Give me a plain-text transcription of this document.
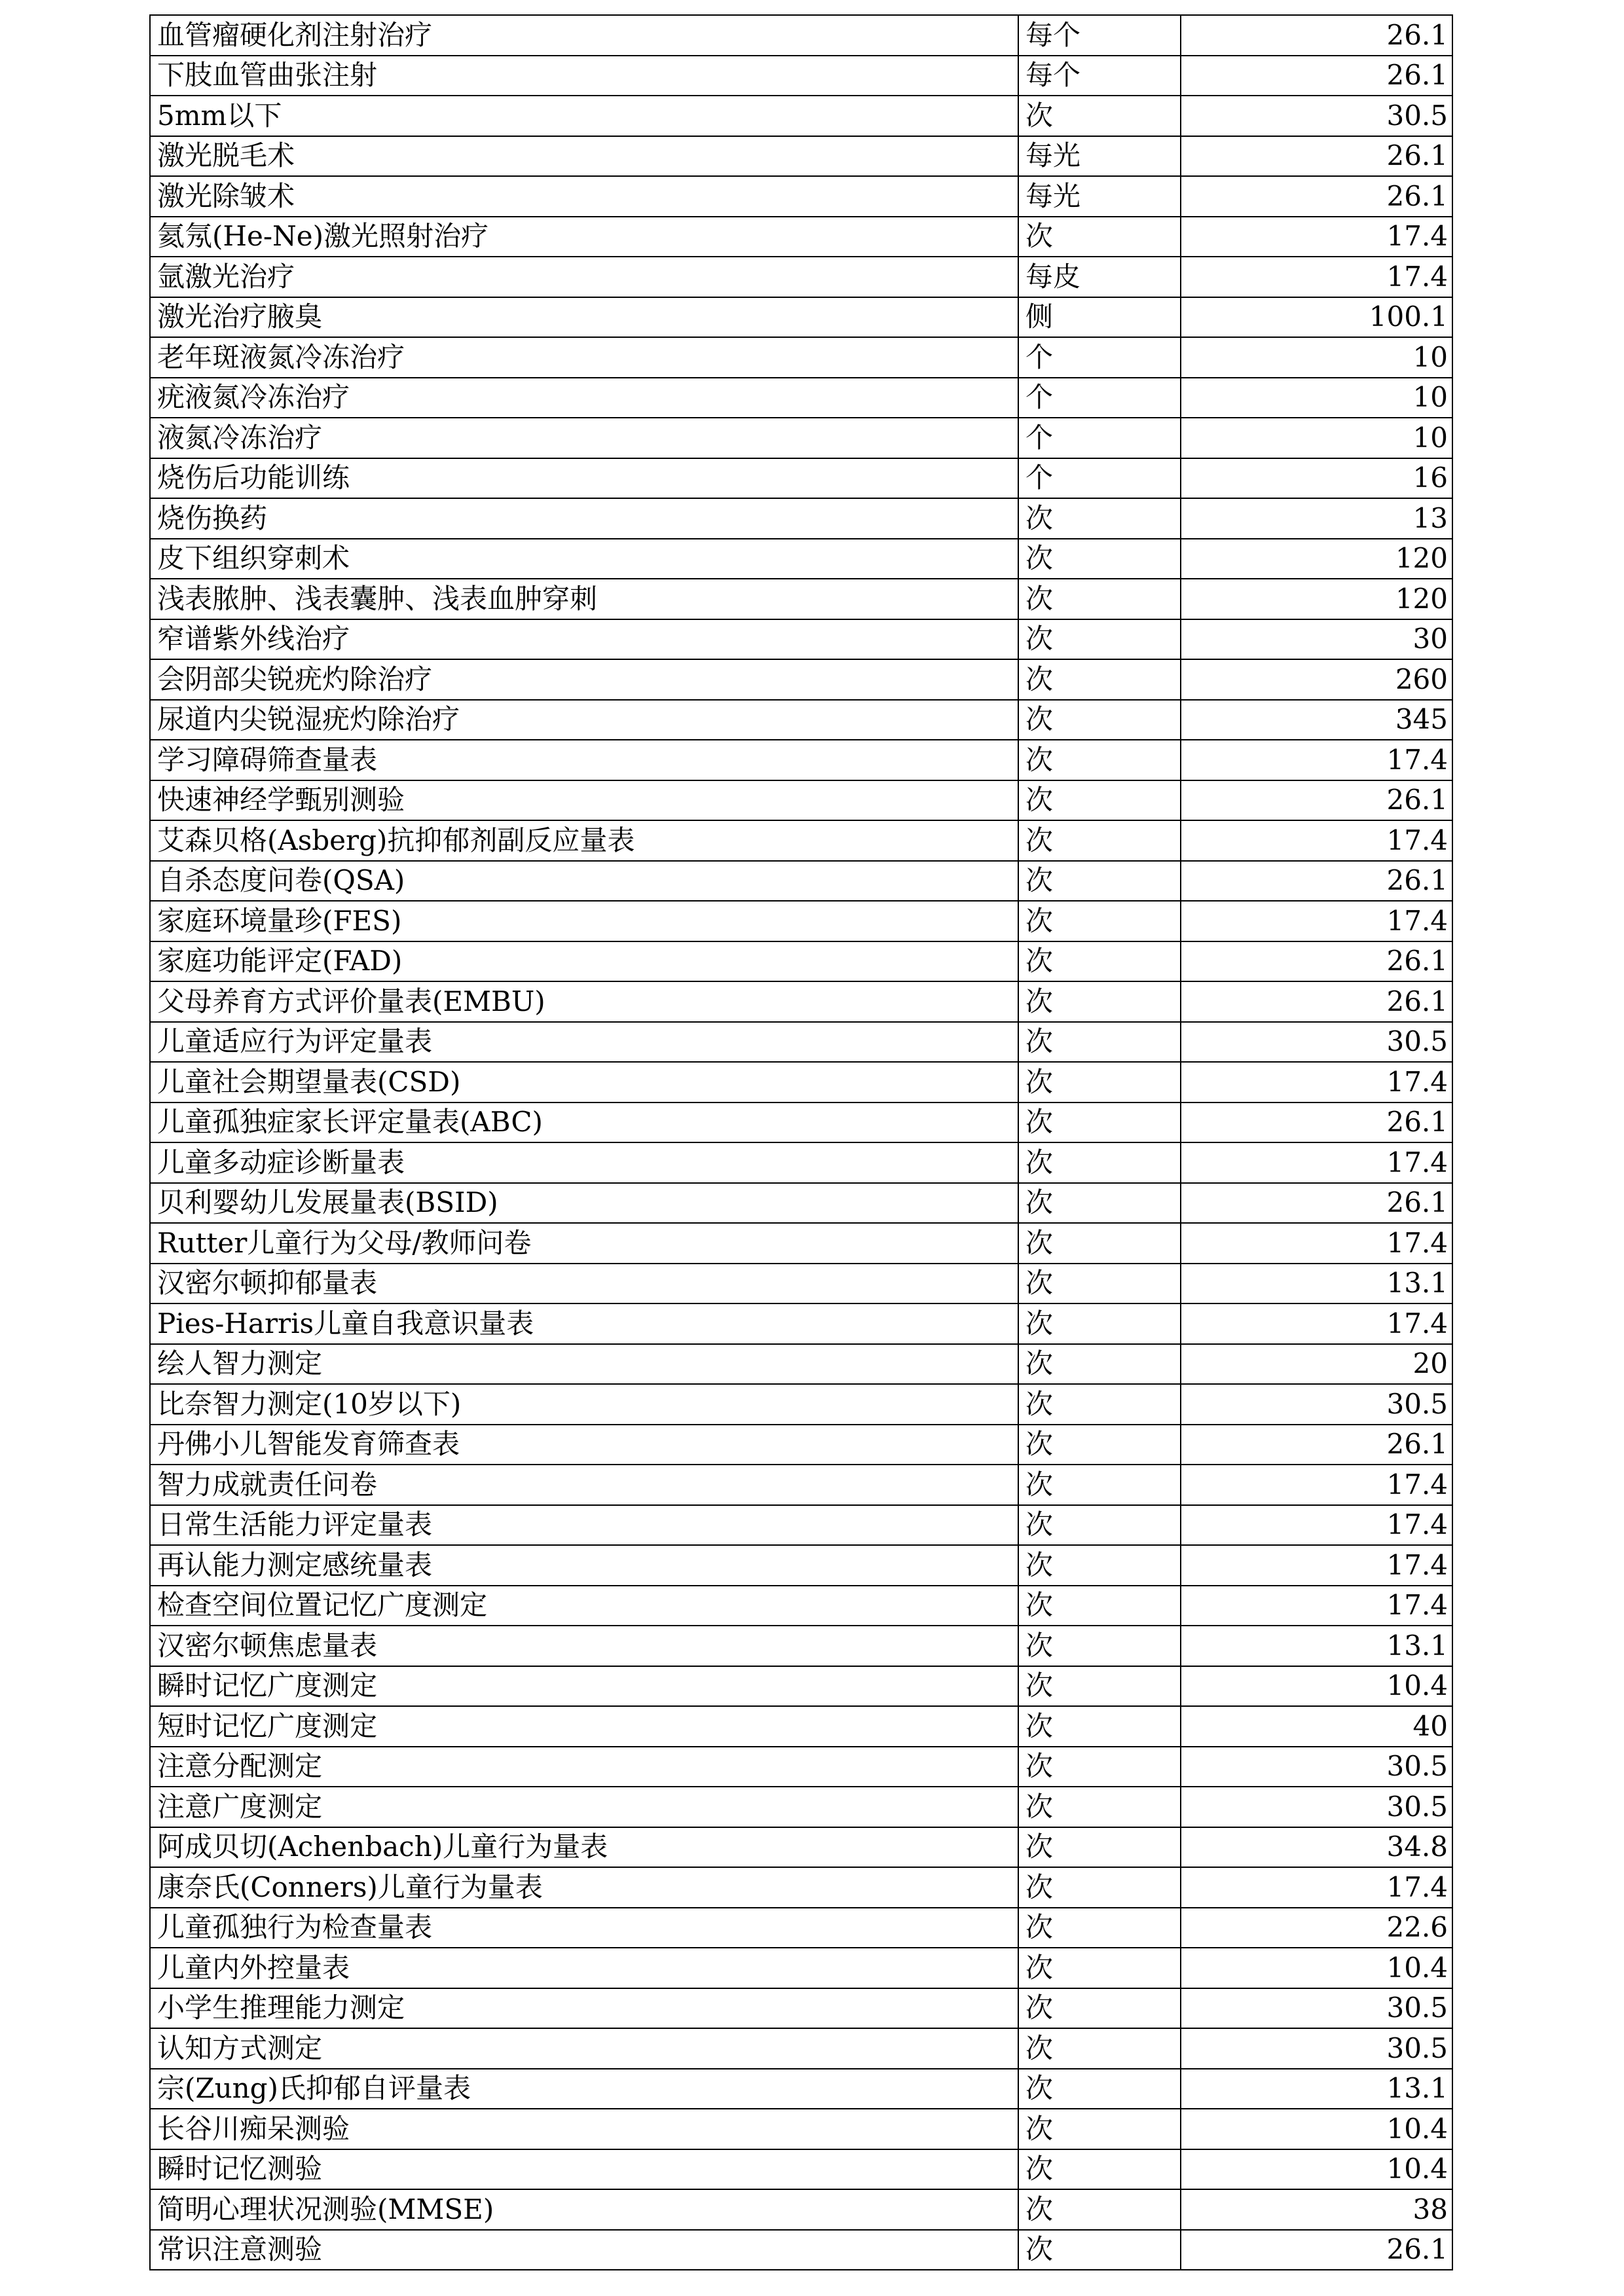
血管瘤硬化剂注射治疗	每个	26.1
下肢血管曲张注射	每个	26.1
5mm以下	次	30.5
激光脱毛术	每光	26.1
激光除皱术	每光	26.1
氦氖(He-Ne)激光照射治疗	次	17.4
氩激光治疗	每皮	17.4
激光治疗腋臭	侧	100.1
老年斑液氮冷冻治疗	个	10
疣液氮冷冻治疗	个	10
液氮冷冻治疗	个	10
烧伤后功能训练	个	16
烧伤换药	次	13
皮下组织穿刺术	次	120
浅表脓肿、浅表囊肿、浅表血肿穿刺	次	120
窄谱紫外线治疗	次	30
会阴部尖锐疣灼除治疗	次	260
尿道内尖锐湿疣灼除治疗	次	345
学习障碍筛查量表	次	17.4
快速神经学甄别测验	次	26.1
艾森贝格(Asberg)抗抑郁剂副反应量表	次	17.4
自杀态度问卷(QSA)	次	26.1
家庭环境量珍(FES)	次	17.4
家庭功能评定(FAD)	次	26.1
父母养育方式评价量表(EMBU)	次	26.1
儿童适应行为评定量表	次	30.5
儿童社会期望量表(CSD)	次	17.4
儿童孤独症家长评定量表(ABC)	次	26.1
儿童多动症诊断量表	次	17.4
贝利婴幼儿发展量表(BSID)	次	26.1
Rutter儿童行为父母/教师问卷	次	17.4
汉密尔顿抑郁量表	次	13.1
Pies-Harris儿童自我意识量表	次	17.4
绘人智力测定	次	20
比奈智力测定(10岁以下)	次	30.5
丹佛小儿智能发育筛查表	次	26.1
智力成就责任问卷	次	17.4
日常生活能力评定量表	次	17.4
再认能力测定感统量表	次	17.4
检查空间位置记忆广度测定	次	17.4
汉密尔顿焦虑量表	次	13.1
瞬时记忆广度测定	次	10.4
短时记忆广度测定	次	40
注意分配测定	次	30.5
注意广度测定	次	30.5
阿成贝切(Achenbach)儿童行为量表	次	34.8
康奈氏(Conners)儿童行为量表	次	17.4
儿童孤独行为检查量表	次	22.6
儿童内外控量表	次	10.4
小学生推理能力测定	次	30.5
认知方式测定	次	30.5
宗(Zung)氏抑郁自评量表	次	13.1
长谷川痴呆测验	次	10.4
瞬时记忆测验	次	10.4
简明心理状况测验(MMSE)	次	38
常识注意测验	次	26.1
